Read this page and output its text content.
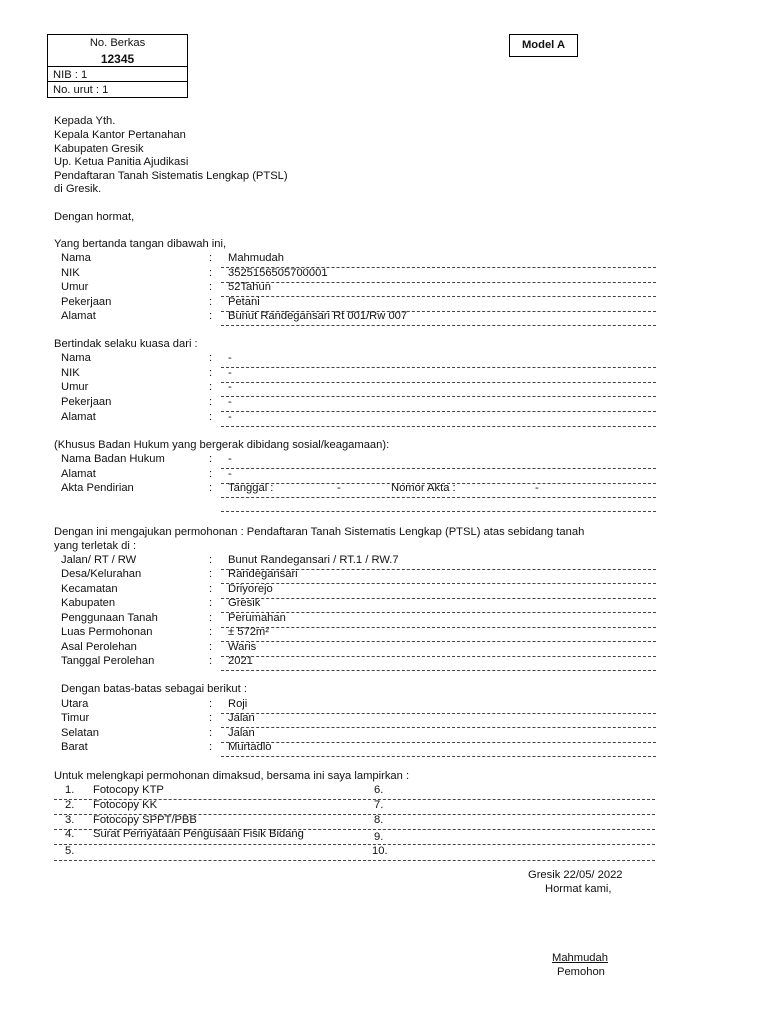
No. Berkas
12345
NIB : 1
No. urut : 1
Model A
Kepada Yth.
Kepala Kantor Pertanahan
Kabupaten Gresik
Up. Ketua Panitia Ajudikasi
Pendaftaran Tanah Sistematis Lengkap (PTSL)
di Gresik.
Dengan hormat,
Yang bertanda tangan dibawah ini,
Nama	: Mahmudah
NIK	: 3525156505700001
Umur	: 52Tahun
Pekerjaan	: Petani
Alamat	: Bunut Randegansari Rt 001/Rw 007
Bertindak selaku kuasa dari :
Nama	: -
NIK	: -
Umur	: -
Pekerjaan	: -
Alamat	: -
(Khusus Badan Hukum yang bergerak dibidang sosial/keagamaan):
Nama Badan Hukum	: -
Alamat	: -
Akta Pendirian	: Tanggal :	-	Nomor Akta :	-
Dengan ini mengajukan permohonan : Pendaftaran Tanah Sistematis Lengkap (PTSL) atas sebidang tanah
yang terletak di :
Jalan/ RT / RW	: Bunut Randegansari / RT.1 / RW.7
Desa/Kelurahan	: Randegansari
Kecamatan	: Driyorejo
Kabupaten	: Gresik
Penggunaan Tanah	: Perumahan
Luas Permohonan	: ± 572m²
Asal Perolehan	: Waris
Tanggal Perolehan	: 2021
Dengan batas-batas sebagai berikut :
Utara	: Roji
Timur	: Jalan
Selatan	: Jalan
Barat	: Murtadlo
Untuk melengkapi permohonan dimaksud, bersama ini saya lampirkan :
1. Fotocopy KTP	6.
2. Fotocopy KK	7.
3. Fotocopy SPPT/PBB	8.
4. Surat Pernyataan Pengusaan Fisik Bidang	9.
5.	10.
Gresik 22/05/ 2022
Hormat kami,
Mahmudah
Pemohon
